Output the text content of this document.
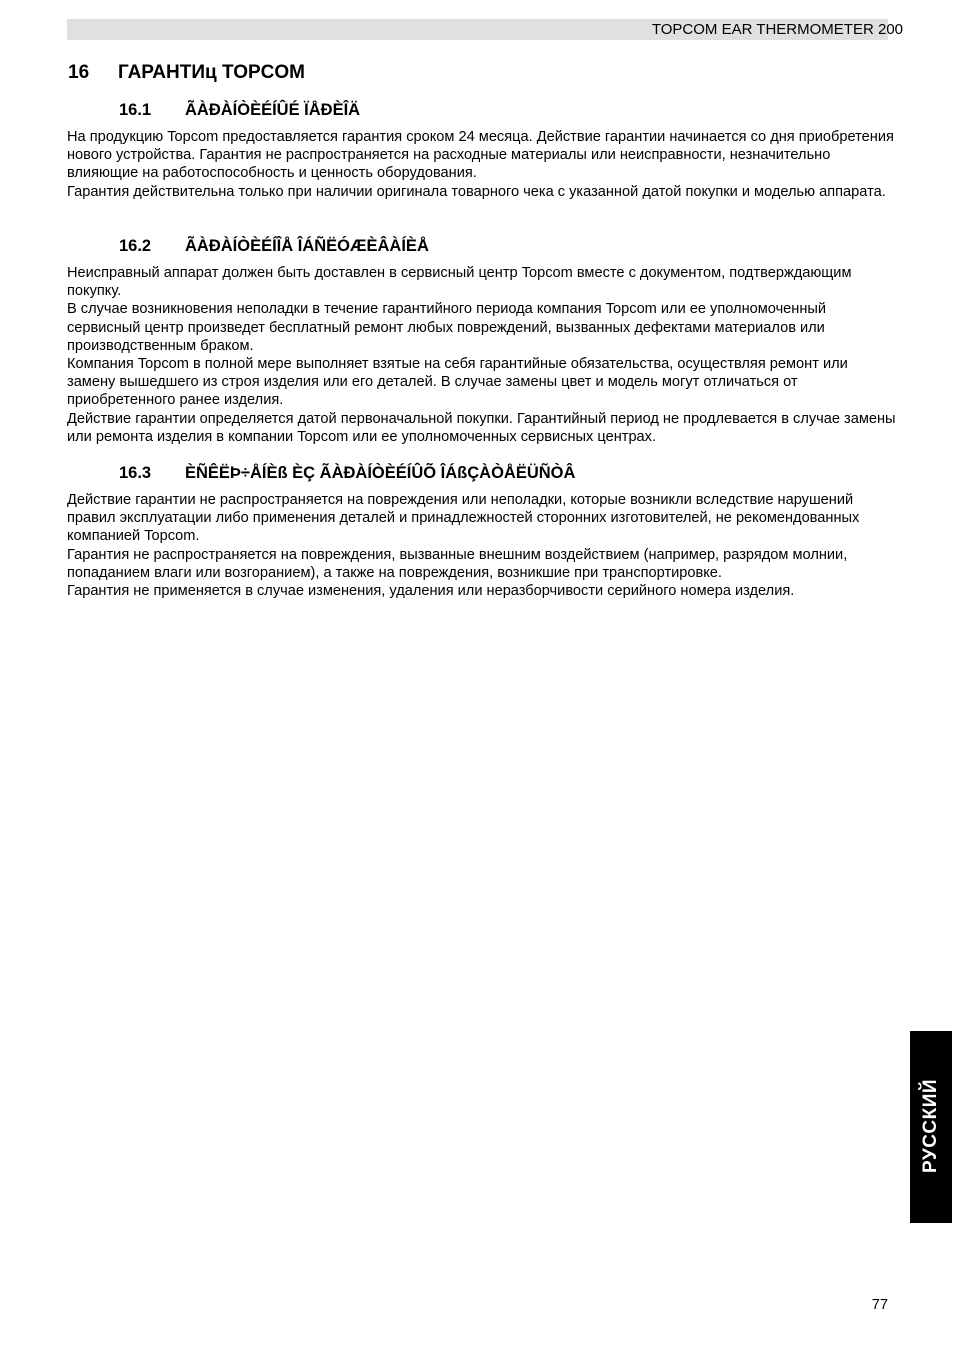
TOPCOM EAR THERMOMETER 200
16 ГАРАНТИц TOPCOM
16.1 ÃÀÐÀÍÒÈÉÍÛÉ ÏÅÐÈÎÄ

На продукцию Topcom предоставляется гарантия сроком 24 месяца. Действие гарантии начинается со дня приобретения нового устройства. Гарантия не распространяется на расходные материалы или неисправности, незначительно влияющие на работоспособность и ценность оборудования.

Гарантия действительна только при наличии оригинала товарного чека с указанной датой покупки и моделью аппарата.

16.2 ÃÀÐÀÍÒÈÉÍÎÅ ÎÁÑËÓÆÈÂÀÍÈÅ

Неисправный аппарат должен быть доставлен в сервисный центр Topcom вместе с документом, подтверждающим покупку.

В случае возникновения неполадки в течение гарантийного периода компания Topcom или ее уполномоченный сервисный центр произведет бесплатный ремонт любых повреждений, вызванных дефектами материалов или производственным браком.

Компания Topcom в полной мере выполняет взятые на себя гарантийные обязательства, осуществляя ремонт или замену вышедшего из строя изделия или его деталей. В случае замены цвет и модель могут отличаться от приобретенного ранее изделия.

Действие гарантии определяется датой первоначальной покупки. Гарантийный период не продлевается в случае замены или ремонта изделия в компании Topcom или ее уполномоченных сервисных центрах.

16.3 ÈÑÊËÞ÷ÅÍÈß ÈÇ ÃÀÐÀÍÒÈÉÍÛÕ ÎÁßÇÀÒÅËÜÑÒÂ

Действие гарантии не распространяется на повреждения или неполадки, которые возникли вследствие нарушений правил эксплуатации либо применения деталей и принадлежностей сторонних изготовителей, не рекомендованных компанией Topcom.

Гарантия не распространяется на повреждения, вызванные внешним воздействием (например, разрядом молнии, попаданием влаги или возгоранием), а также на повреждения, возникшие при транспортировке.

Гарантия не применяется в случае изменения, удаления или неразборчивости серийного номера изделия.

РУССКИЙ
77
